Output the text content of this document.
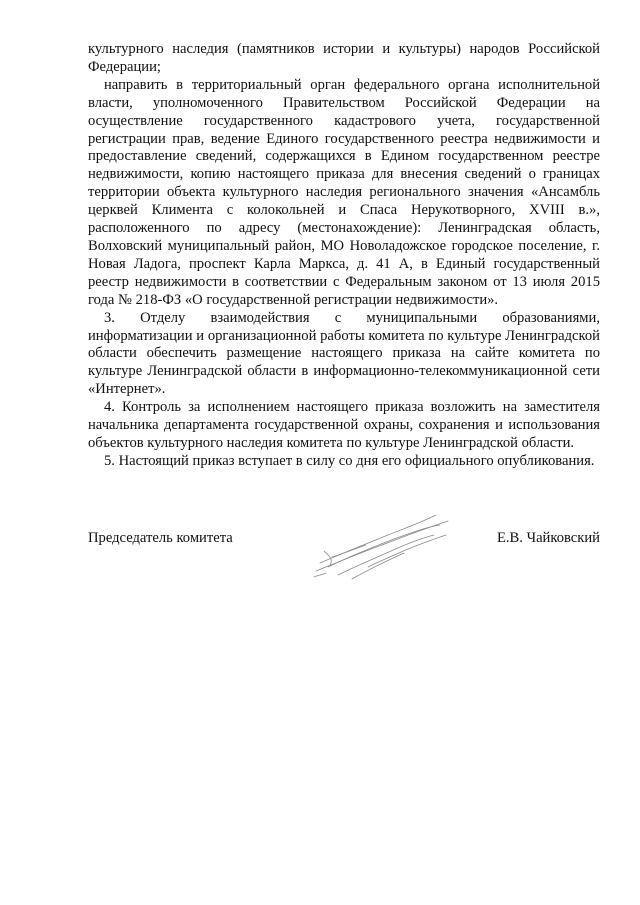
культурного наследия (памятников истории и культуры) народов Российской Федерации;

направить в территориальный орган федерального органа исполнительной власти, уполномоченного Правительством Российской Федерации на осуществление государственного кадастрового учета, государственной регистрации прав, ведение Единого государственного реестра недвижимости и предоставление сведений, содержащихся в Едином государственном реестре недвижимости, копию настоящего приказа для внесения сведений о границах территории объекта культурного наследия регионального значения «Ансамбль церквей Климента с колокольней и Спаса Нерукотворного, XVIII в.», расположенного по адресу (местонахождение): Ленинградская область, Волховский муниципальный район, МО Новоладожское городское поселение, г. Новая Ладога, проспект Карла Маркса, д. 41 А, в Единый государственный реестр недвижимости в соответствии с Федеральным законом от 13 июля 2015 года № 218-ФЗ «О государственной регистрации недвижимости».

3. Отделу взаимодействия с муниципальными образованиями, информатизации и организационной работы комитета по культуре Ленинградской области обеспечить размещение настоящего приказа на сайте комитета по культуре Ленинградской области в информационно-телекоммуникационной сети «Интернет».

4. Контроль за исполнением настоящего приказа возложить на заместителя начальника департамента государственной охраны, сохранения и использования объектов культурного наследия комитета по культуре Ленинградской области.

5. Настоящий приказ вступает в силу со дня его официального опубликования.

Председатель комитета	Е.В. Чайковский
